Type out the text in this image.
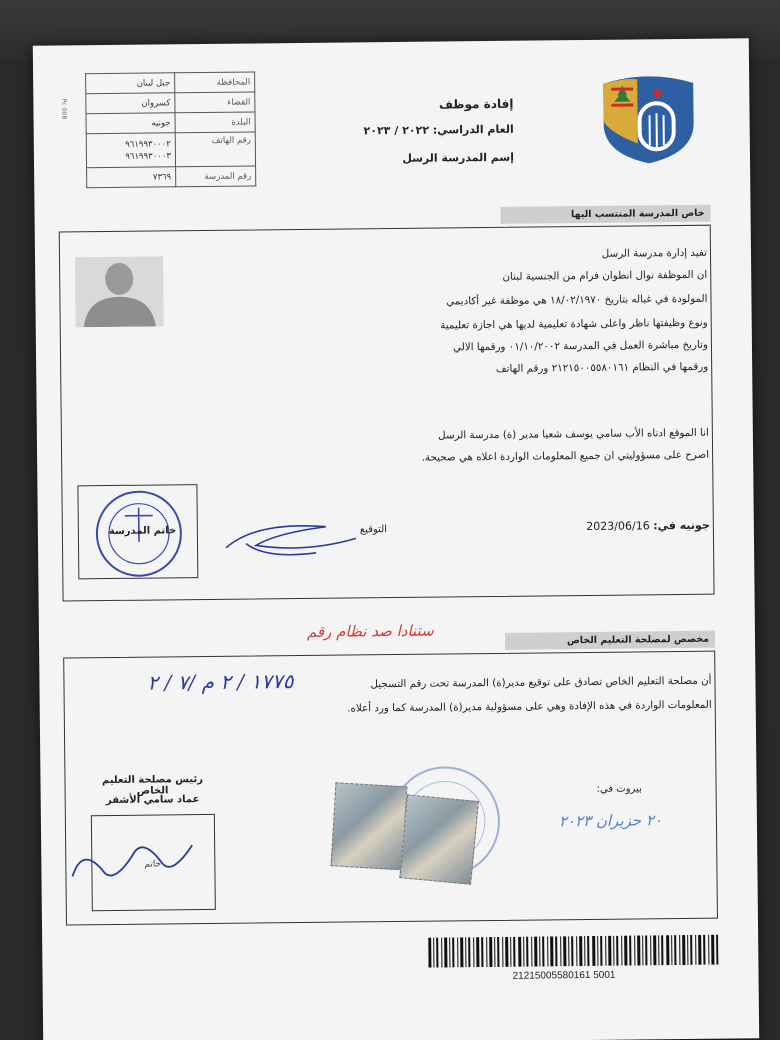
Pr. 008	إفادة موظف
العام الدراسي: ٢٠٢٢ / ٢٠٢٣
إسم المدرسة الرسل
جبل لبنان	المحافظة
كسروان	القضاء
جونيه	البلدة
٩٦١٩٩٣٠٠٠٢
٩٦١٩٩٣٠٠٠٣	رقم الهاتف
٧٣٦٩	رقم المدرسة
خاص المدرسة المنتسب اليها
تفيد إدارة مدرسة الرسل
ان الموظفة نوال انطوان فرام من الجنسية لبنان
المولودة في غباله بتاريخ ١٨/٠٢/١٩٧٠ هي موظفة غير أكاديمي
ونوع وظيفتها ناظر واعلى شهادة تعليمية لديها هي اجازة تعليمية
وتاريخ مباشرة العمل في المدرسة ٠١/١٠/٢٠٠٢ ورقمها الالي
ورقمها في النظام ٢١٢١٥٠٠٥٥٨٠١٦١ ورقم الهاتف
انا الموقع ادناه الأب سامي يوسف شعيا مدير (ة) مدرسة الرسل
اصرح على مسؤوليتي ان جميع المعلومات الواردة اعلاه هي صحيحة.
جونيه في: 2023/06/16
التوقيع
خاتم المدرسة
ستنادا صد نظام رقم	مخصص لمصلحة التعليم الخاص
أن مصلحة التعليم الخاص تصادق على توقيع مدير(ة) المدرسة تحت رقم التسجيل
١٧٧٥ / ٢ م /٧ / ٢
المعلومات الواردة في هذه الإفادة وهي على مسؤولية مدير(ة) المدرسة كما ورد أعلاه.
رئيس مصلحة التعليم الخاص
عماد سامي الأشقر
خاتم
بيروت في:
٢٠ حزيران ٢٠٢٣
21215005580161 5001
